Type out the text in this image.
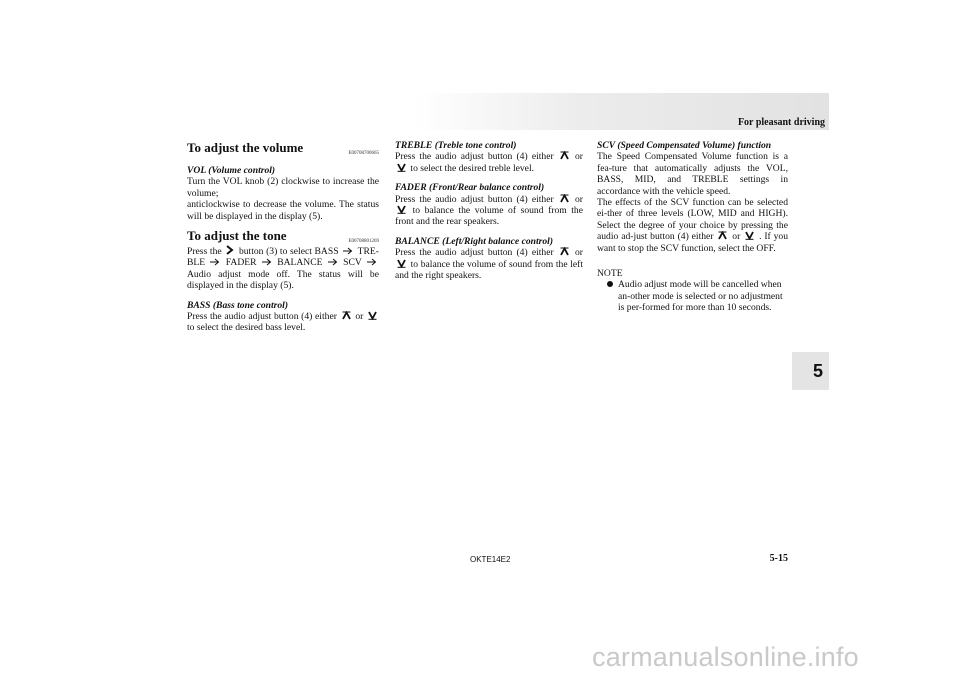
For pleasant driving
To adjust the volume	E00708700665

VOL (Volume control)

Turn the VOL knob (2) clockwise to increase the volume;

anticlockwise to decrease the volume. The status will be displayed in the display (5).

To adjust the tone	E00708801269

Press the button (3) to select BASS TRE-BLE FADER BALANCE SCV
Audio adjust mode off. The status will be displayed in the display (5).

BASS (Bass tone control)

Press the audio adjust button (4) either or
to select the desired bass level.

TREBLE (Treble tone control)

Press the audio adjust button (4) either or
to select the desired treble level.

FADER (Front/Rear balance control)

Press the audio adjust button (4) either or
to balance the volume of sound from the front and the rear speakers.

BALANCE (Left/Right balance control)

Press the audio adjust button (4) either or
to balance the volume of sound from the left and the right speakers.

SCV (Speed Compensated Volume) function

The Speed Compensated Volume function is a fea-ture that automatically adjusts the VOL, BASS, MID, and TREBLE settings in accordance with the vehicle speed.

The effects of the SCV function can be selected ei-ther of three levels (LOW, MID and HIGH). Select the degree of your choice by pressing the audio ad-just button (4) either or . If you want to stop the SCV function, select the OFF.

NOTE

Audio adjust mode will be cancelled when an-other mode is selected or no adjustment is per-formed for more than 10 seconds.

5
OKTE14E2	5-15
carmanualsonline.info
